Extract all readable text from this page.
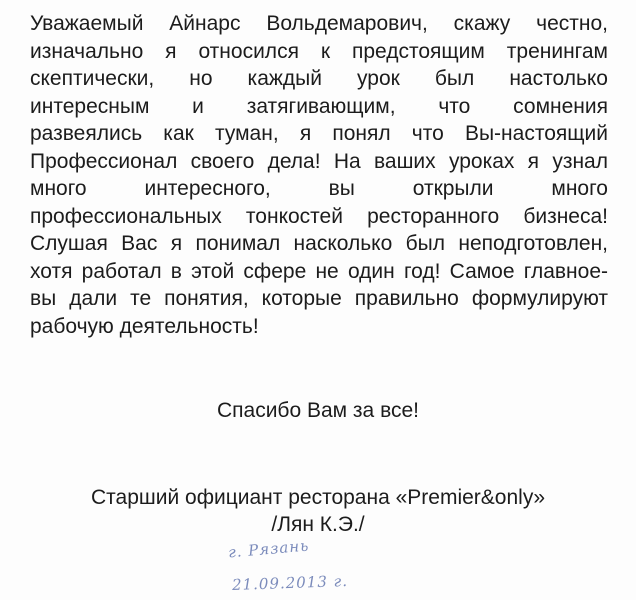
Уважаемый Айнарс Вольдемарович, скажу честно,
изначально я относился к предстоящим тренингам
скептически, но каждый урок был настолько
интересным и затягивающим, что сомнения
развеялись как туман, я понял что Вы-настоящий
Профессионал своего дела! На ваших уроках я узнал
много интересного, вы открыли много
профессиональных тонкостей ресторанного бизнеса!
Слушая Вас я понимал насколько был неподготовлен,
хотя работал в этой сфере не один год! Самое главное-
вы дали те понятия, которые правильно формулируют
рабочую деятельность!
Спасибо Вам за все!
Старший официант ресторана «Premier&only»
/Лян К.Э./
г. Рязань
21.09.2013 г.
